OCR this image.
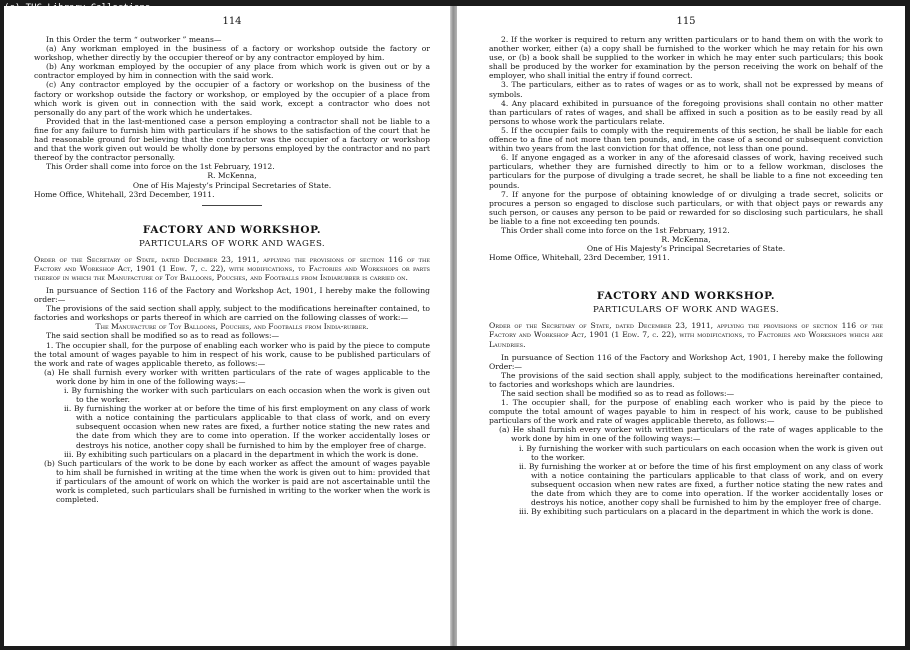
(c) TUC Library Collections
114

In this Order the term “ outworker ” means—

(a) Any workman employed in the business of a factory or workshop outside the factory or workshop, whether directly by the occupier thereof or by any contractor employed by him.

(b) Any workman employed by the occupier of any place from which work is given out or by a contractor employed by him in connection with the said work.

(c) Any contractor employed by the occupier of a factory or workshop on the business of the factory or workshop outside the factory or workshop, or employed by the occupier of a place from which work is given out in connection with the said work, except a contractor who does not personally do any part of the work which he undertakes.

Provided that in the last-mentioned case a person employing a contractor shall not be liable to a fine for any failure to furnish him with particulars if he shows to the satisfaction of the court that he had reasonable ground for believing that the contractor was the occupier of a factory or workshop and that the work given out would be wholly done by persons employed by the contractor and no part thereof by the contractor personally.

This Order shall come into force on the 1st February, 1912.

R. McKenna,

One of His Majesty’s Principal Secretaries of State.

Home Office, Whitehall, 23rd December, 1911.

FACTORY AND WORKSHOP.
PARTICULARS OF WORK AND WAGES.

Order of the Secretary of State, dated December 23, 1911, applying the provisions of section 116 of the Factory and Workshop Act, 1901 (1 Edw. 7, c. 22), with modifications, to Factories and Workshops or parts thereof in which the Manufacture of Toy Balloons, Pouches, and Footballs from Indiarubber is carried on.

In pursuance of Section 116 of the Factory and Workshop Act, 1901, I hereby make the following order:—

The provisions of the said section shall apply, subject to the modifications hereinafter contained, to factories and workshops or parts thereof in which are carried on the following classes of work:—

The Manufacture of Toy Balloons, Pouches, and Footballs from India-rubber.

The said section shall be modified so as to read as follows:—

1. The occupier shall, for the purpose of enabling each worker who is paid by the piece to compute the total amount of wages payable to him in respect of his work, cause to be published particulars of the work and rate of wages applicable thereto, as follows:—

(a) He shall furnish every worker with written particulars of the rate of wages applicable to the work done by him in one of the following ways:—

i. By furnishing the worker with such particulars on each occasion when the work is given out to the worker.

ii. By furnishing the worker at or before the time of his first employment on any class of work with a notice containing the particulars applicable to that class of work, and on every subsequent occasion when new rates are fixed, a further notice stating the new rates and the date from which they are to come into operation. If the worker accidentally loses or destroys his notice, another copy shall be furnished to him by the employer free of charge.

iii. By exhibiting such particulars on a placard in the department in which the work is done.

(b) Such particulars of the work to be done by each worker as affect the amount of wages payable to him shall be furnished in writing at the time when the work is given out to him: provided that if particulars of the amount of work on which the worker is paid are not ascertainable until the work is completed, such particulars shall be furnished in writing to the worker when the work is completed.

115

2. If the worker is required to return any written particulars or to hand them on with the work to another worker, either (a) a copy shall be furnished to the worker which he may retain for his own use, or (b) a book shall be supplied to the worker in which he may enter such particulars; this book shall be produced by the worker for examination by the person receiving the work on behalf of the employer, who shall initial the entry if found correct.

3. The particulars, either as to rates of wages or as to work, shall not be expressed by means of symbols.

4. Any placard exhibited in pursuance of the foregoing provisions shall contain no other matter than particulars of rates of wages, and shall be affixed in such a position as to be easily read by all persons to whose work the particulars relate.

5. If the occupier fails to comply with the requirements of this section, he shall be liable for each offence to a fine of not more than ten pounds, and, in the case of a second or subsequent conviction within two years from the last conviction for that offence, not less than one pound.

6. If anyone engaged as a worker in any of the aforesaid classes of work, having received such particulars, whether they are furnished directly to him or to a fellow workman, discloses the particulars for the purpose of divulging a trade secret, he shall be liable to a fine not exceeding ten pounds.

7. If anyone for the purpose of obtaining knowledge of or divulging a trade secret, solicits or procures a person so engaged to disclose such particulars, or with that object pays or rewards any such person, or causes any person to be paid or rewarded for so disclosing such particulars, he shall be liable to a fine not exceeding ten pounds.

This Order shall come into force on the 1st February, 1912.

R. McKenna,

One of His Majesty’s Principal Secretaries of State.

Home Office, Whitehall, 23rd December, 1911.

FACTORY AND WORKSHOP.
PARTICULARS OF WORK AND WAGES.

Order of the Secretary of State, dated December 23, 1911, applying the provisions of section 116 of the Factory and Workshop Act, 1901 (1 Edw. 7, c. 22), with modifications, to Factories and Workshops which are Laundries.

In pursuance of Section 116 of the Factory and Workshop Act, 1901, I hereby make the following Order:—

The provisions of the said section shall apply, subject to the modifications hereinafter contained, to factories and workshops which are laundries.

The said section shall be modified so as to read as follows:—

1. The occupier shall, for the purpose of enabling each worker who is paid by the piece to compute the total amount of wages payable to him in respect of his work, cause to be published particulars of the work and rate of wages applicable thereto, as follows:—

(a) He shall furnish every worker with written particulars of the rate of wages applicable to the work done by him in one of the following ways:—

i. By furnishing the worker with such particulars on each occasion when the work is given out to the worker.

ii. By furnishing the worker at or before the time of his first employment on any class of work with a notice containing the particulars applicable to that class of work, and on every subsequent occasion when new rates are fixed, a further notice stating the new rates and the date from which they are to come into operation. If the worker accidentally loses or destroys his notice, another copy shall be furnished to him by the employer free of charge.

iii. By exhibiting such particulars on a placard in the department in which the work is done.
